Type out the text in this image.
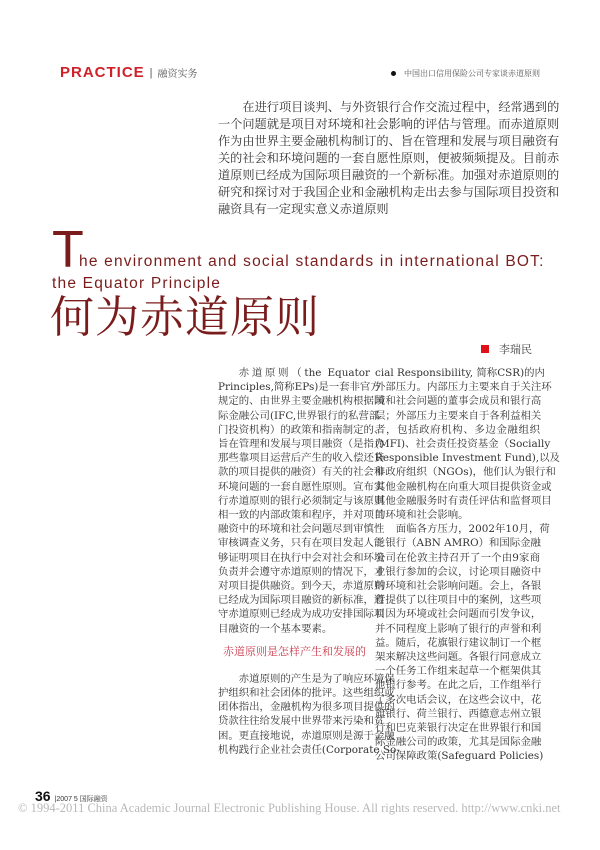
PRACTICE | 融资实务	中国出口信用保险公司专家谈赤道原则
在进行项目谈判、与外资银行合作交流过程中，经常遇到的
一个问题就是项目对环境和社会影响的评估与管理。而赤道原则
作为由世界主要金融机构制订的、旨在管理和发展与项目融资有
关的社会和环境问题的一套自愿性原则，便被频频提及。目前赤
道原则已经成为国际项目融资的一个新标准。加强对赤道原则的
研究和探讨对于我国企业和金融机构走出去参与国际项目投资和
融资具有一定现实意义赤道原则
T
he environment and social standards in international BOT:
the Equator Principle
何为赤道原则
李瑞民
赤道原则（the Equator
Principles,简称EPs)是一套非官方
规定的、由世界主要金融机构根据国
际金融公司(IFC,世界银行的私营部
门投资机构）的政策和指南制定的、
旨在管理和发展与项目融资（是指为
那些靠项目运营后产生的收入偿还贷
款的项目提供的融资）有关的社会和
环境问题的一套自愿性原则。宣布实
行赤道原则的银行必须制定与该原则
相一致的内部政策和程序，并对项目
融资中的环境和社会问题尽到审慎性
审核调查义务，只有在项目发起人能
够证明项目在执行中会对社会和环境
负责并会遵守赤道原则的情况下，才
对项目提供融资。到今天，赤道原则
已经成为国际项目融资的新标准，遵
守赤道原则已经成为成功安排国际项
目融资的一个基本要素。
赤道原则是怎样产生和发展的
赤道原则的产生是为了响应环境保
护组织和社会团体的批评。这些组织或
团体指出，金融机构为很多项目提供的
贷款往往给发展中世界带来污染和贫
困。更直接地说，赤道原则是源于金融
机构践行企业社会责任(Corporate So-
cial Responsibility, 简称CSR)的内
外部压力。内部压力主要来自于关注环
境和社会问题的董事会成员和银行高
层；外部压力主要来自于各利益相关
者，包括政府机构、多边金融组织
(MFI)、社会责任投资基金（Socially
Responsible Investment Fund),以及
非政府组织（NGOs)，他们认为银行和
其他金融机构在向重大项目提供资金或
其他金融服务时有责任评估和监督项目
的环境和社会影响。
面临各方压力，2002年10月，荷
兰银行（ABN AMRO）和国际金融
公司在伦敦主持召开了一个由9家商
业银行参加的会议，讨论项目融资中
的环境和社会影响问题。会上，各银
行提供了以往项目中的案例，这些项
目因为环境或社会问题而引发争议，
并不同程度上影响了银行的声誉和利
益。随后，花旗银行建议制订一个框
架来解决这些问题。各银行同意成立
一个任务工作组来起草一个框架供其
他银行参考。在此之后，工作组举行
了多次电话会议，在这些会议中，花
旗银行、荷兰银行、西德意志州立银
行和巴克莱银行决定在世界银行和国
际金融公司的政策，尤其是国际金融
公司保障政策(Safeguard Policies)
36 |2007 5 国际融资
© 1994-2011 China Academic Journal Electronic Publishing House. All rights reserved. http://www.cnki.net
